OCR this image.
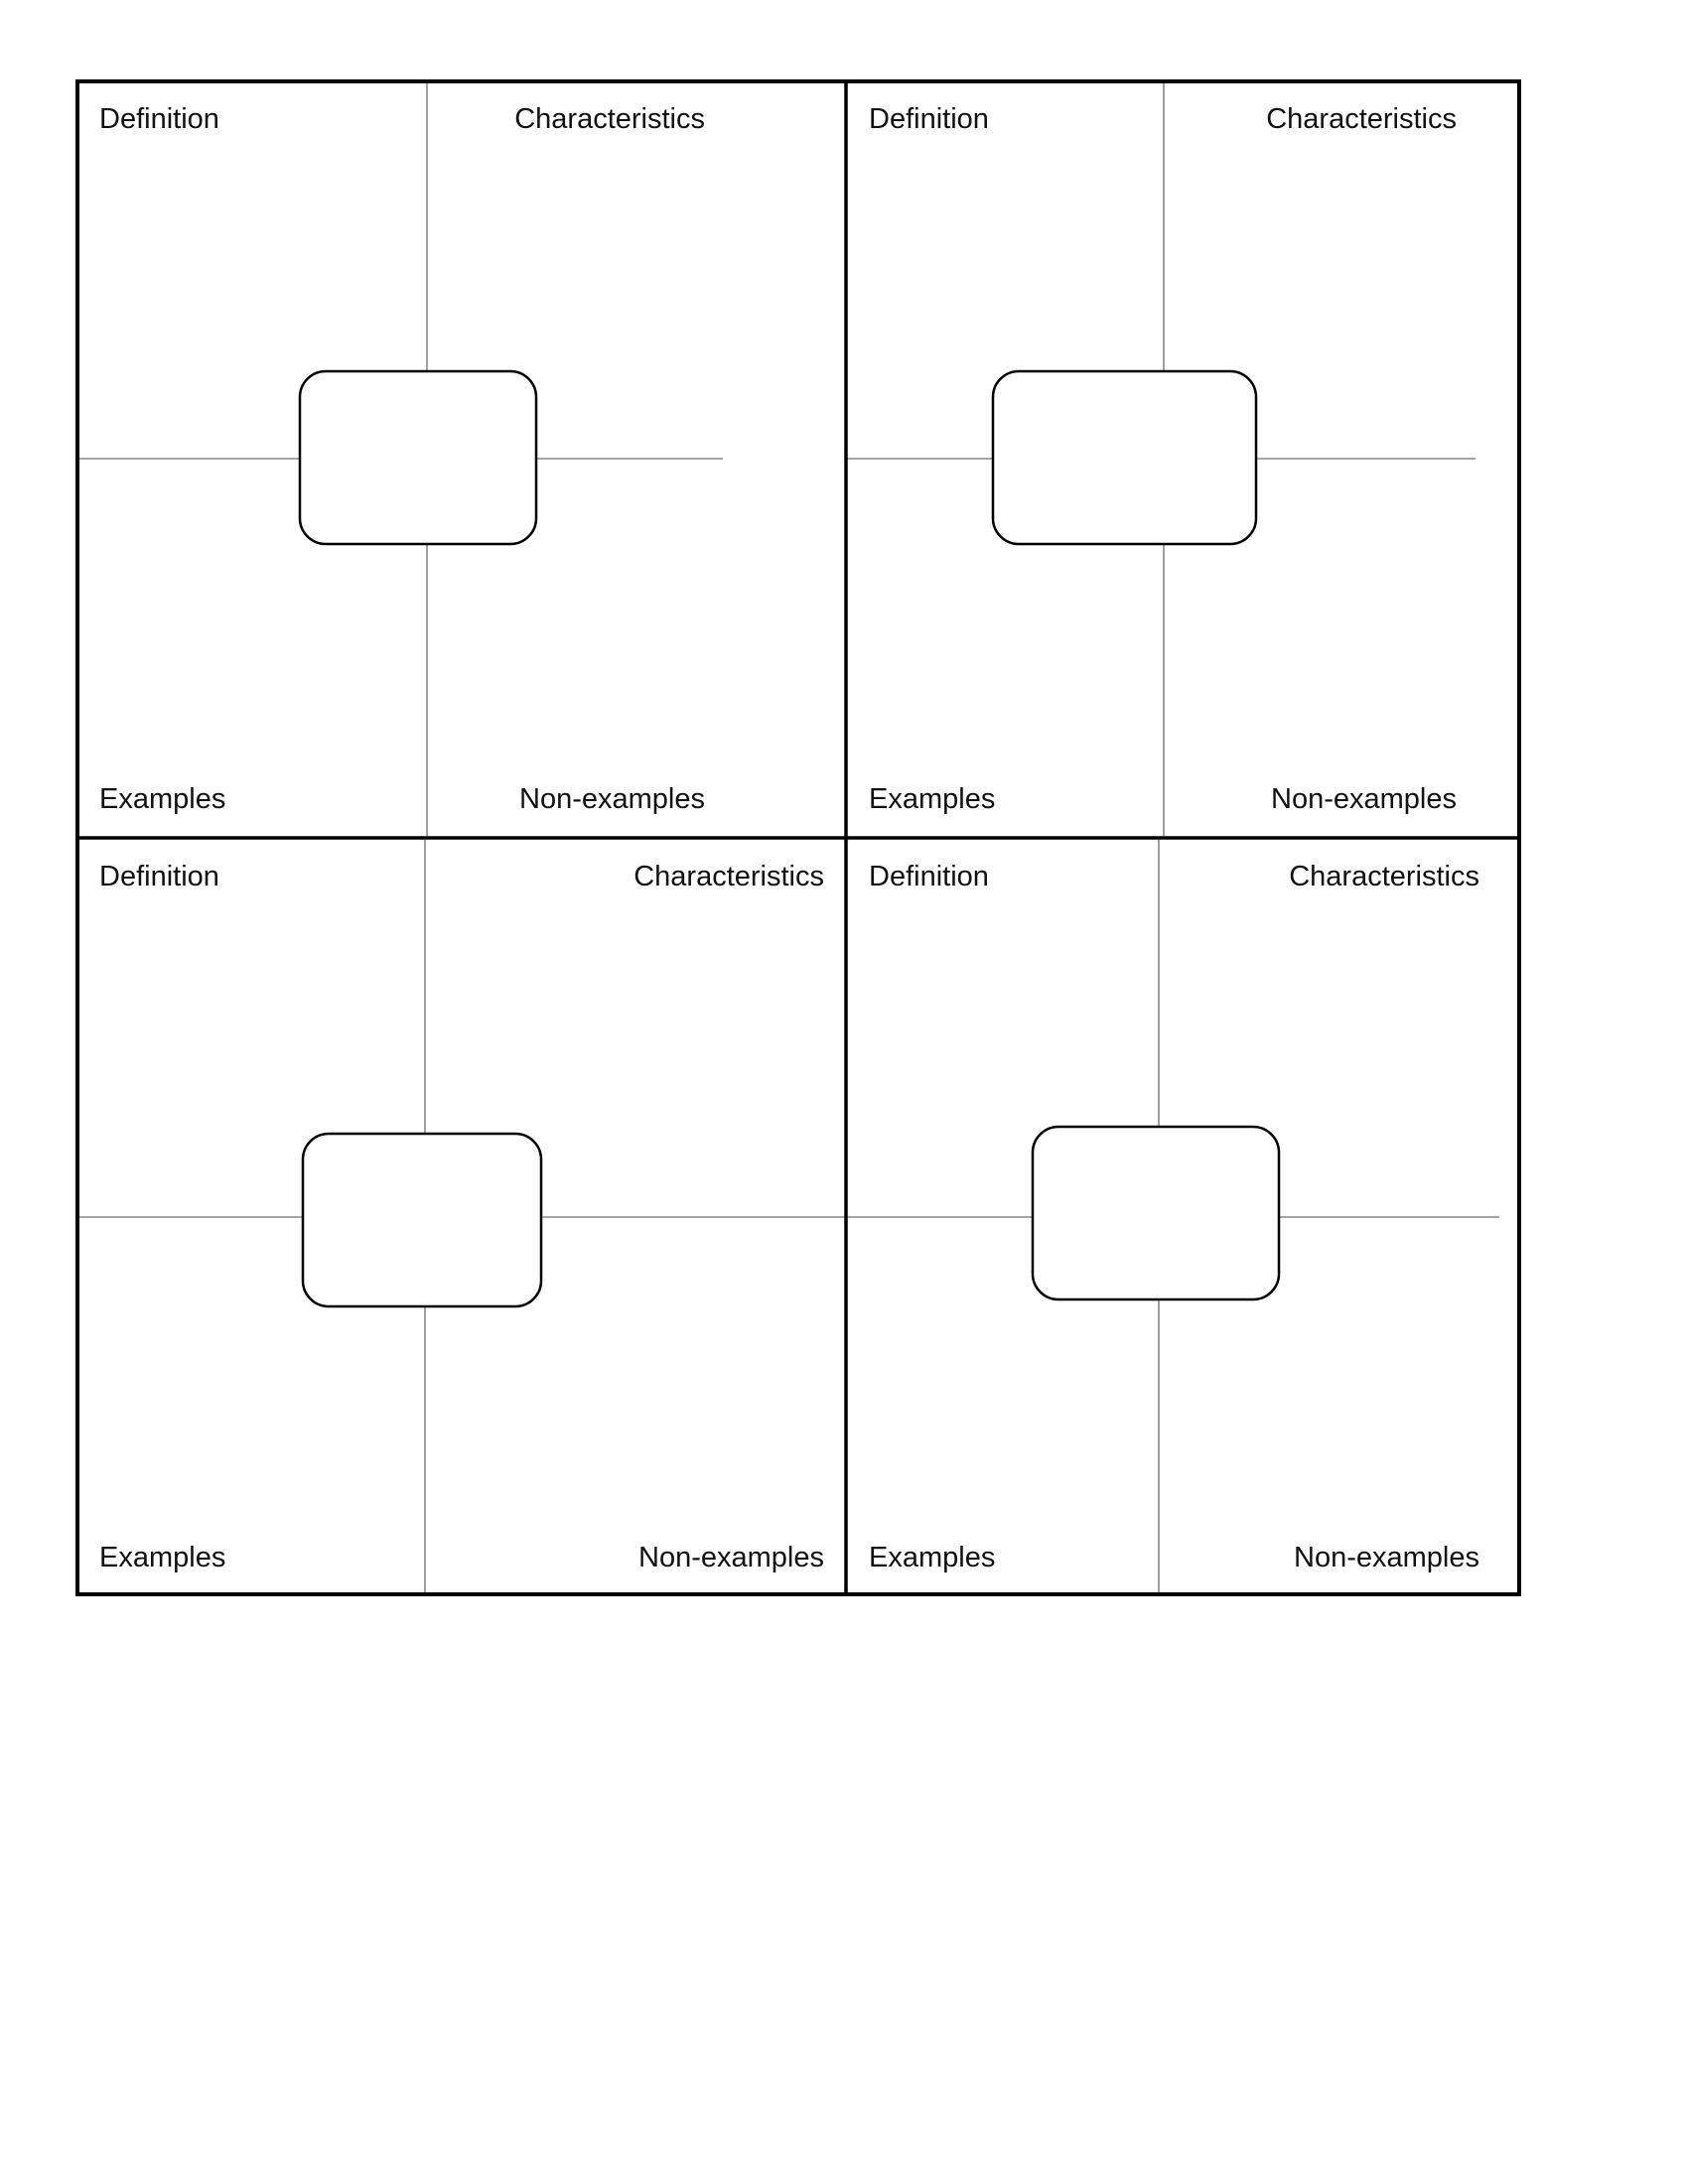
Definition	Characteristics
Examples	Non-examples
Definition	Characteristics
Examples	Non-examples
Definition	Characteristics
Examples	Non-examples
Definition	Characteristics
Examples	Non-examples
